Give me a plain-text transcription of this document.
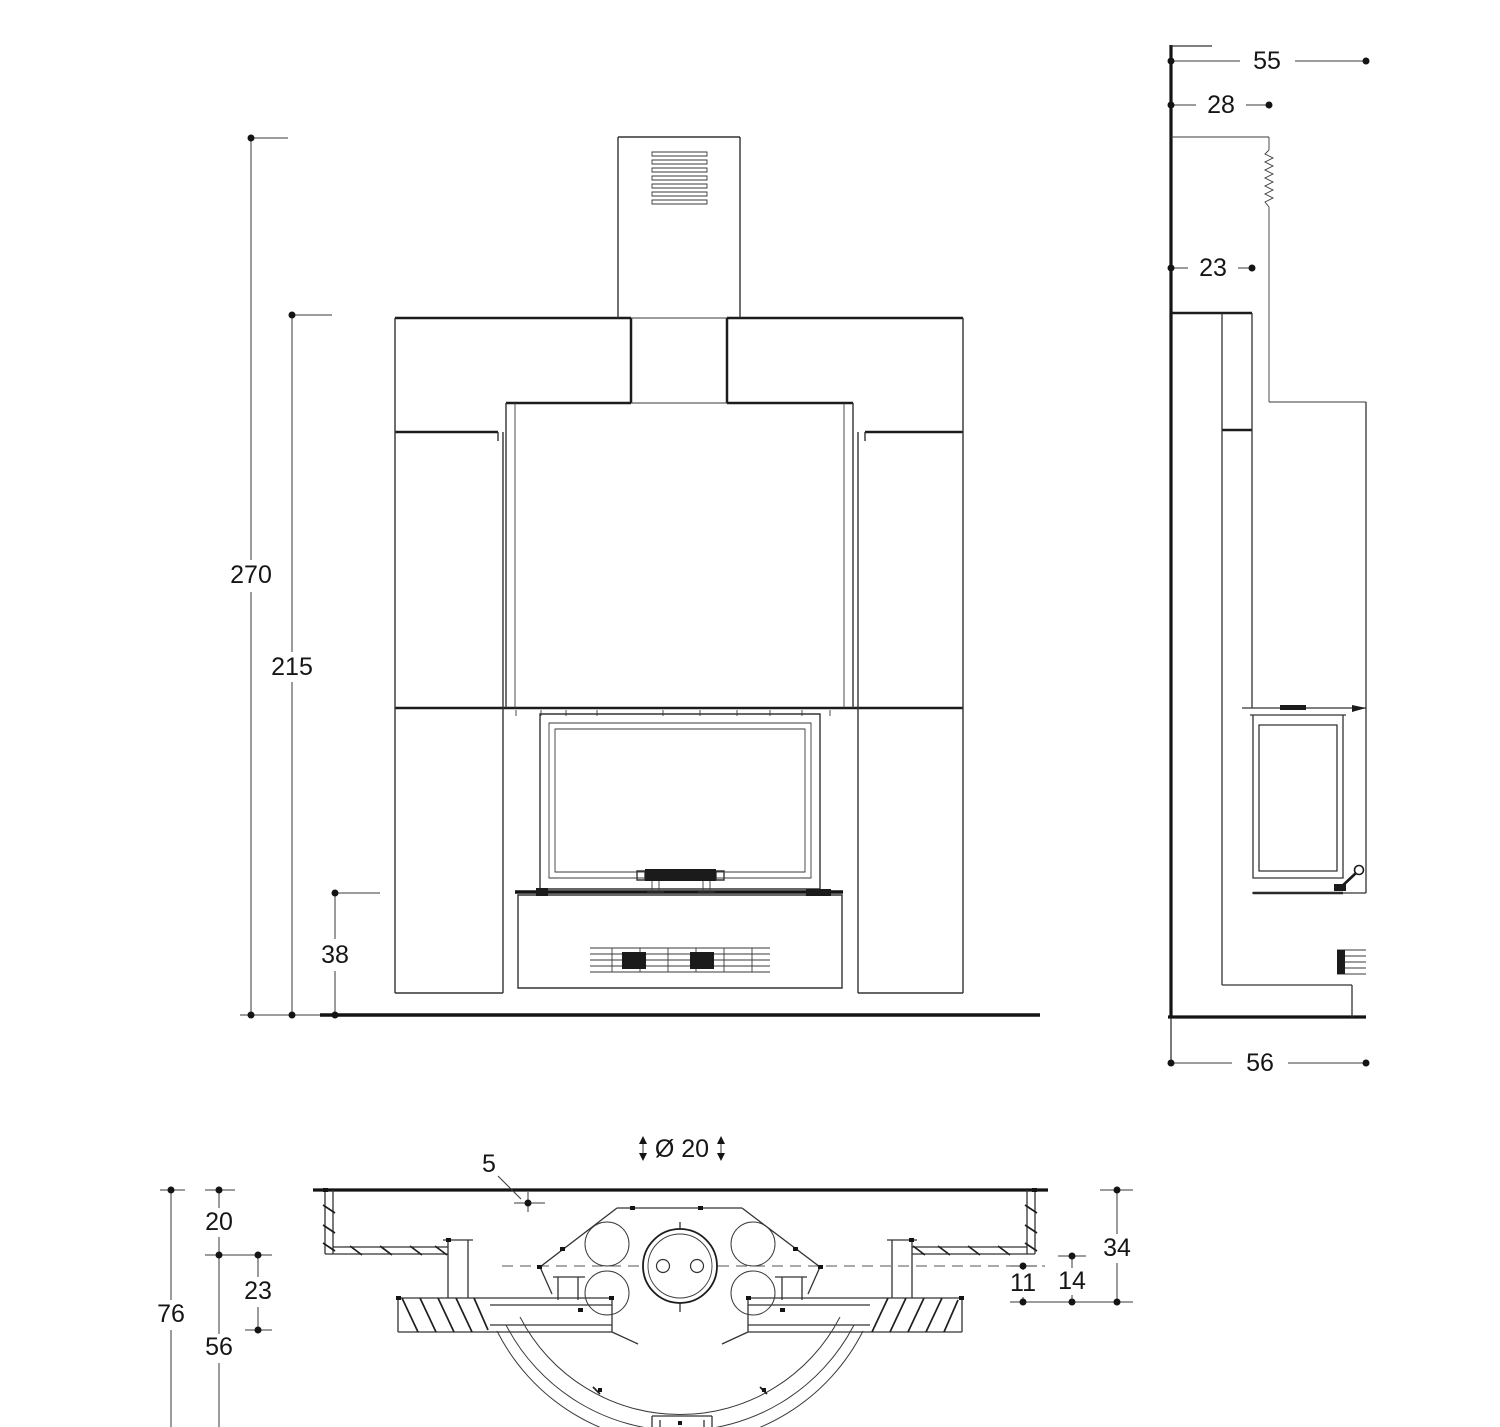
270
215
38
55
28
23
56
Ø 20
5
20
23
76
56
34
14
11
